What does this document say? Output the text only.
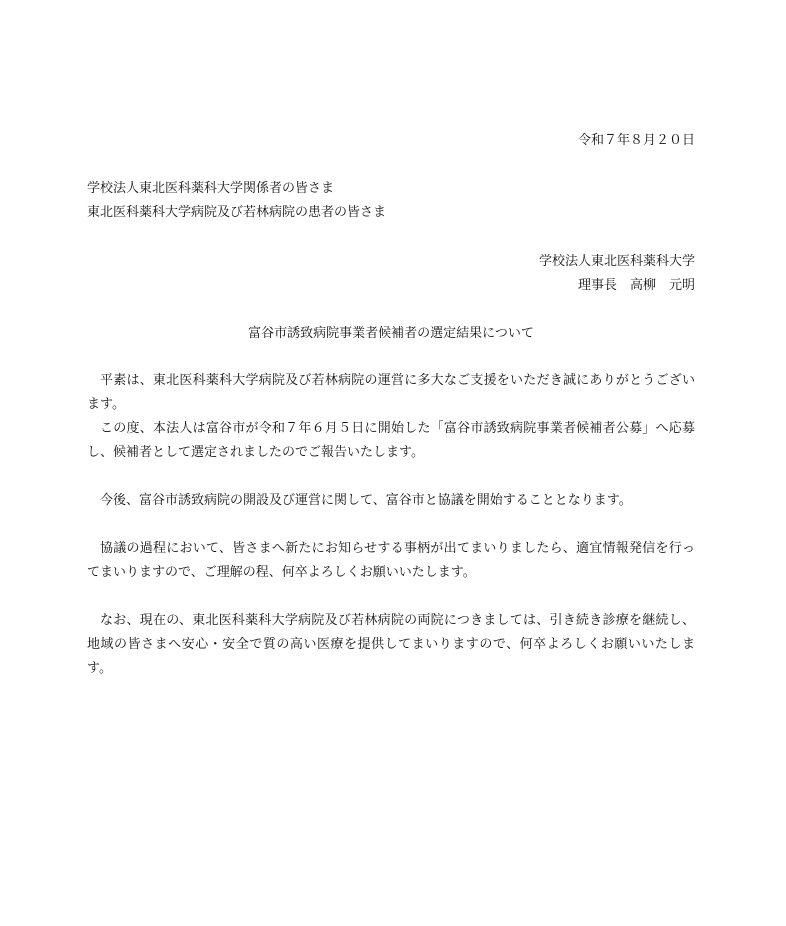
令和７年８月２０日
学校法人東北医科薬科大学関係者の皆さま
東北医科薬科大学病院及び若林病院の患者の皆さま
学校法人東北医科薬科大学
理事長　高柳　元明
富谷市誘致病院事業者候補者の選定結果について

平素は、東北医科薬科大学病院及び若林病院の運営に多大なご支援をいただき誠にありがとうございます。

この度、本法人は富谷市が令和７年６月５日に開始した「富谷市誘致病院事業者候補者公募」へ応募し、候補者として選定されましたのでご報告いたします。

今後、富谷市誘致病院の開設及び運営に関して、富谷市と協議を開始することとなります。

協議の過程において、皆さまへ新たにお知らせする事柄が出てまいりましたら、適宜情報発信を行ってまいりますので、ご理解の程、何卒よろしくお願いいたします。

なお、現在の、東北医科薬科大学病院及び若林病院の両院につきましては、引き続き診療を継続し、地域の皆さまへ安心・安全で質の高い医療を提供してまいりますので、何卒よろしくお願いいたします。
